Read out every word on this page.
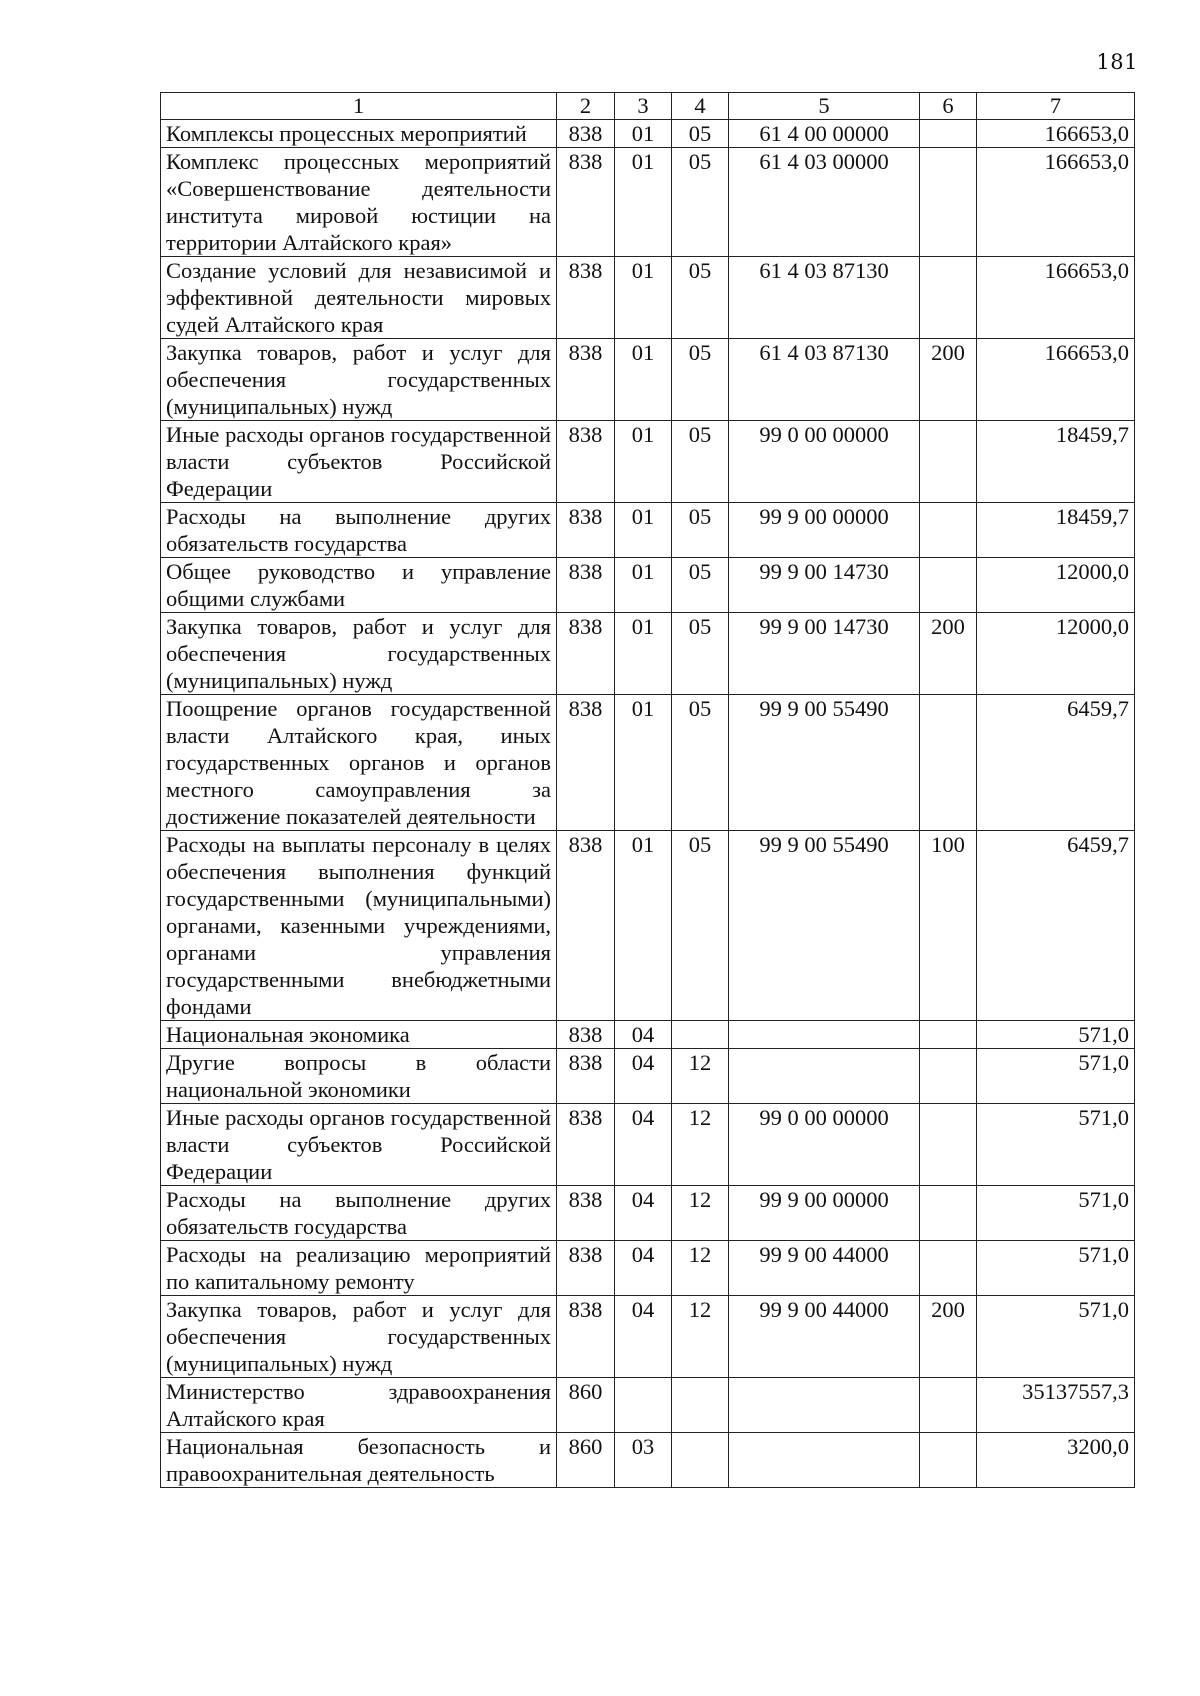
181
1	2	3	4	5	6	7
Комплексы процессных мероприятий	838	01	05	61 4 00 00000		166653,0
Комплекс процессных мероприятий «Совершенствование деятельности института мировой юстиции на территории Алтайского края»	838	01	05	61 4 03 00000		166653,0
Создание условий для независимой и эффективной деятельности мировых судей Алтайского края	838	01	05	61 4 03 87130		166653,0
Закупка товаров, работ и услуг для обеспечения государственных (муниципальных) нужд	838	01	05	61 4 03 87130	200	166653,0
Иные расходы органов государственной власти субъектов Российской Федерации	838	01	05	99 0 00 00000		18459,7
Расходы на выполнение других обязательств государства	838	01	05	99 9 00 00000		18459,7
Общее руководство и управление общими службами	838	01	05	99 9 00 14730		12000,0
Закупка товаров, работ и услуг для обеспечения государственных (муниципальных) нужд	838	01	05	99 9 00 14730	200	12000,0
Поощрение органов государственной власти Алтайского края, иных государственных органов и органов местного самоуправления за достижение показателей деятельности	838	01	05	99 9 00 55490		6459,7
Расходы на выплаты персоналу в целях обеспечения выполнения функций государственными (муниципальными) органами, казенными учреждениями, органами управления государственными внебюджетными фондами	838	01	05	99 9 00 55490	100	6459,7
Национальная экономика	838	04				571,0
Другие вопросы в области национальной экономики	838	04	12			571,0
Иные расходы органов государственной власти субъектов Российской Федерации	838	04	12	99 0 00 00000		571,0
Расходы на выполнение других обязательств государства	838	04	12	99 9 00 00000		571,0
Расходы на реализацию мероприятий по капитальному ремонту	838	04	12	99 9 00 44000		571,0
Закупка товаров, работ и услуг для обеспечения государственных (муниципальных) нужд	838	04	12	99 9 00 44000	200	571,0
Министерство здравоохранения Алтайского края	860					35137557,3
Национальная безопасность и правоохранительная деятельность	860	03				3200,0
